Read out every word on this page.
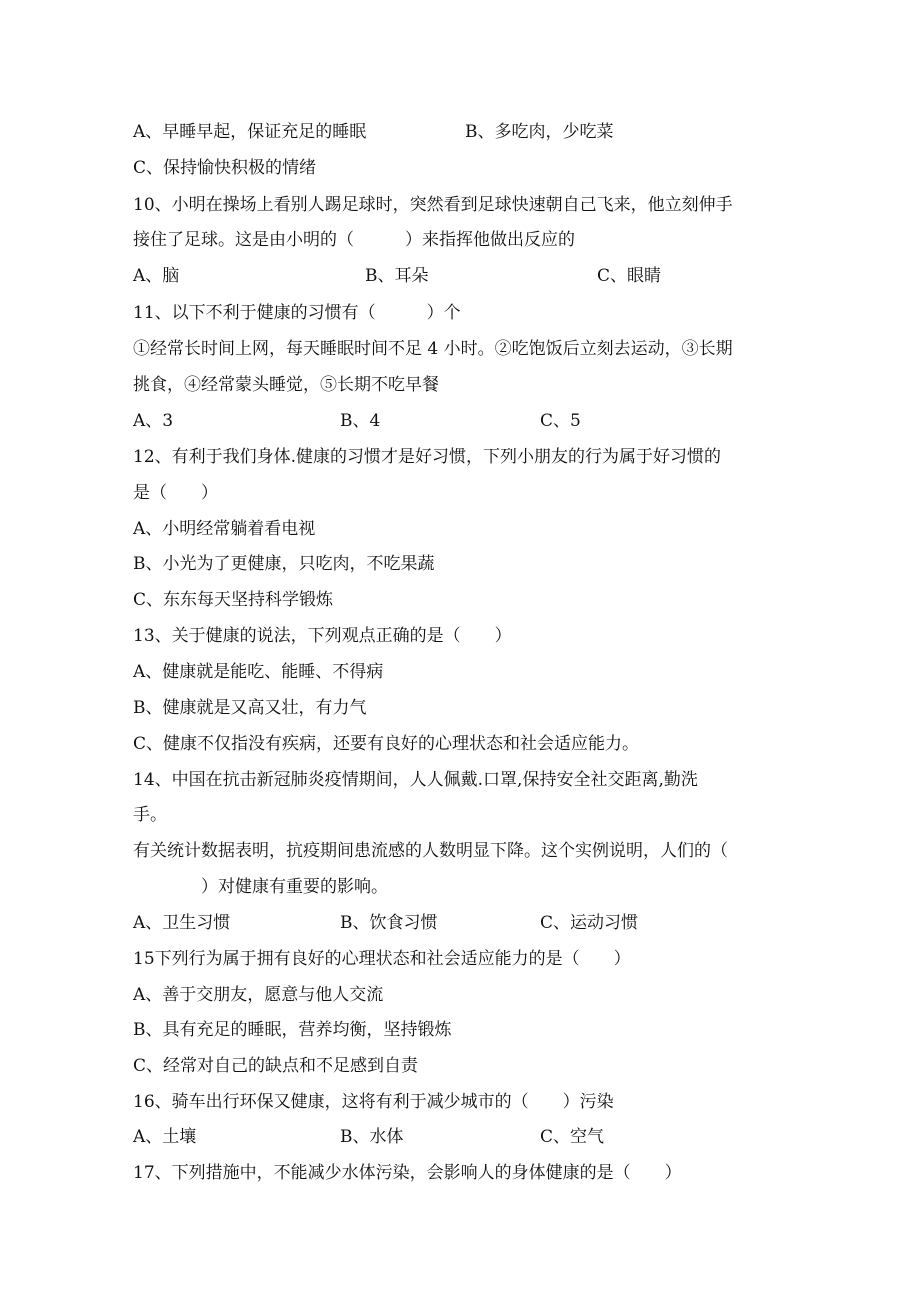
A、早睡早起，保证充足的睡眠	B、多吃肉，少吃菜
C、保持愉快积极的情绪
10、小明在操场上看别人踢足球时，突然看到足球快速朝自己飞来，他立刻伸手
接住了足球。这是由小明的（　　　）来指挥他做出反应的
A、脑	B、耳朵	C、眼睛
11、以下不利于健康的习惯有（　　　）个
①经常长时间上网，每天睡眠时间不足 4 小时。②吃饱饭后立刻去运动，③长期
挑食，④经常蒙头睡觉，⑤长期不吃早餐
A、3	B、4	C、5
12、有利于我们身体.健康的习惯才是好习惯，下列小朋友的行为属于好习惯的
是（　　）
A、小明经常躺着看电视
B、小光为了更健康，只吃肉，不吃果蔬
C、东东每天坚持科学锻炼
13、关于健康的说法，下列观点正确的是（　　）
A、健康就是能吃、能睡、不得病
B、健康就是又高又壮，有力气
C、健康不仅指没有疾病，还要有良好的心理状态和社会适应能力。
14、中国在抗击新冠肺炎疫情期间，人人佩戴.口罩,保持安全社交距离,勤洗
手。
有关统计数据表明，抗疫期间患流感的人数明显下降。这个实例说明，人们的（
　　　　）对健康有重要的影响。
A、卫生习惯	B、饮食习惯	C、运动习惯
15下列行为属于拥有良好的心理状态和社会适应能力的是（　　）
A、善于交朋友，愿意与他人交流
B、具有充足的睡眠，营养均衡，坚持锻炼
C、经常对自己的缺点和不足感到自责
16、骑车出行环保又健康，这将有利于减少城市的（　　）污染
A、土壤	B、水体	C、空气
17、下列措施中，不能减少水体污染，会影响人的身体健康的是（　　）
